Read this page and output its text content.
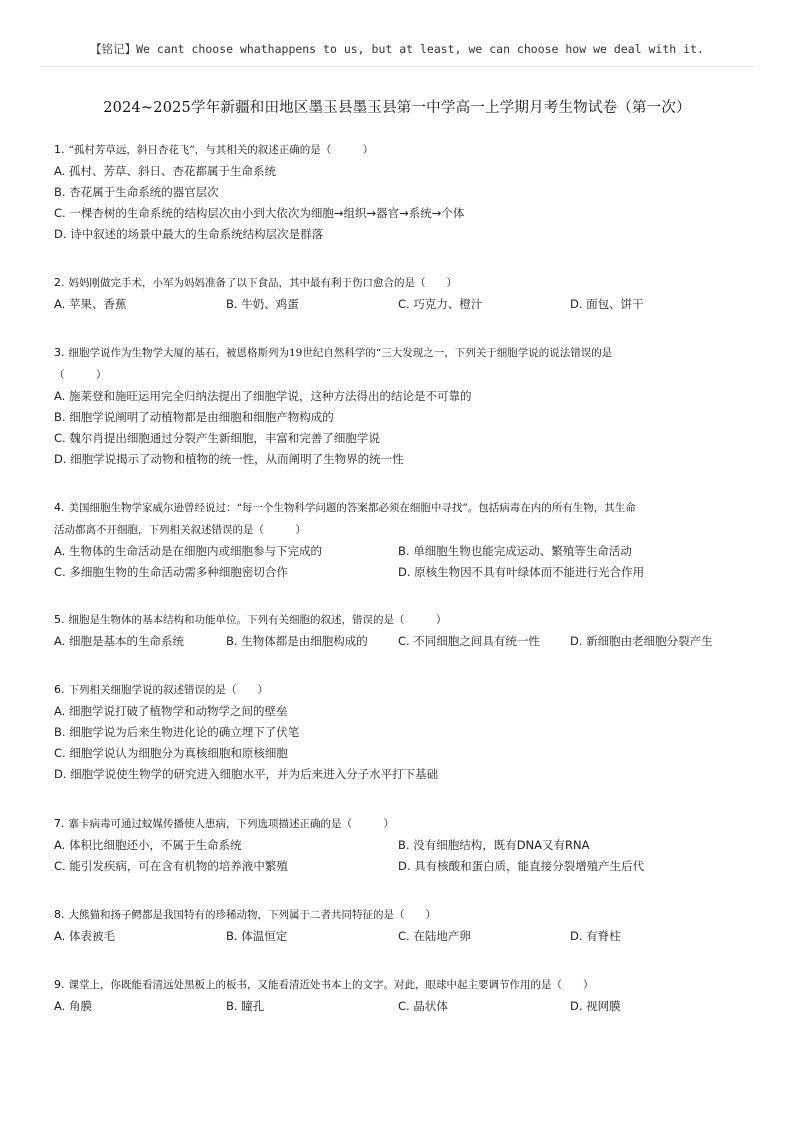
【铭记】We cant choose whathappens to us, but at least, we can choose how we deal with it.
2024~2025学年新疆和田地区墨玉县墨玉县第一中学高一上学期月考生物试卷（第一次）
1. “孤村芳草远，斜日杏花飞”，与其相关的叙述正确的是（　　　）
A. 孤村、芳草、斜日、杏花都属于生命系统
B. 杏花属于生命系统的器官层次
C. 一棵杏树的生命系统的结构层次由小到大依次为细胞→组织→器官→系统→个体
D. 诗中叙述的场景中最大的生命系统结构层次是群落
2. 妈妈刚做完手术，小军为妈妈准备了以下食品，其中最有利于伤口愈合的是（　　）
A. 苹果、香蕉	B. 牛奶、鸡蛋	C. 巧克力、橙汁	D. 面包、饼干
3. 细胞学说作为生物学大厦的基石，被恩格斯列为19世纪自然科学的“三大发现之一，下列关于细胞学说的说法错误的是
（　　　）
A. 施莱登和施旺运用完全归纳法提出了细胞学说，这种方法得出的结论是不可靠的
B. 细胞学说阐明了动植物都是由细胞和细胞产物构成的
C. 魏尔肖提出细胞通过分裂产生新细胞，丰富和完善了细胞学说
D. 细胞学说揭示了动物和植物的统一性，从而阐明了生物界的统一性
4. 美国细胞生物学家威尔逊曾经说过：“每一个生物科学问题的答案都必须在细胞中寻找”。包括病毒在内的所有生物，其生命
活动都离不开细胞，下列相关叙述错误的是（　　　）
A. 生物体的生命活动是在细胞内或细胞参与下完成的	B. 单细胞生物也能完成运动、繁殖等生命活动
C. 多细胞生物的生命活动需多种细胞密切合作	D. 原核生物因不具有叶绿体而不能进行光合作用
5. 细胞是生物体的基本结构和功能单位。下列有关细胞的叙述，错误的是（　　　）
A. 细胞是基本的生命系统	B. 生物体都是由细胞构成的	C. 不同细胞之间具有统一性	D. 新细胞由老细胞分裂产生
6. 下列相关细胞学说的叙述错误的是（　　）
A. 细胞学说打破了植物学和动物学之间的壁垒
B. 细胞学说为后来生物进化论的确立埋下了伏笔
C. 细胞学说认为细胞分为真核细胞和原核细胞
D. 细胞学说使生物学的研究进入细胞水平，并为后来进入分子水平打下基础
7. 寨卡病毒可通过蚊媒传播使人患病，下列选项描述正确的是（　　　）
A. 体积比细胞还小，不属于生命系统	B. 没有细胞结构，既有DNA又有RNA
C. 能引发疾病，可在含有机物的培养液中繁殖	D. 具有核酸和蛋白质，能直接分裂增殖产生后代
8. 大熊猫和扬子鳄都是我国特有的珍稀动物，下列属于二者共同特征的是（　　）
A. 体表被毛	B. 体温恒定	C. 在陆地产卵	D. 有脊柱
9. 课堂上，你既能看清远处黑板上的板书，又能看清近处书本上的文字。对此，眼球中起主要调节作用的是（　　）
A. 角膜	B. 瞳孔	C. 晶状体	D. 视网膜
